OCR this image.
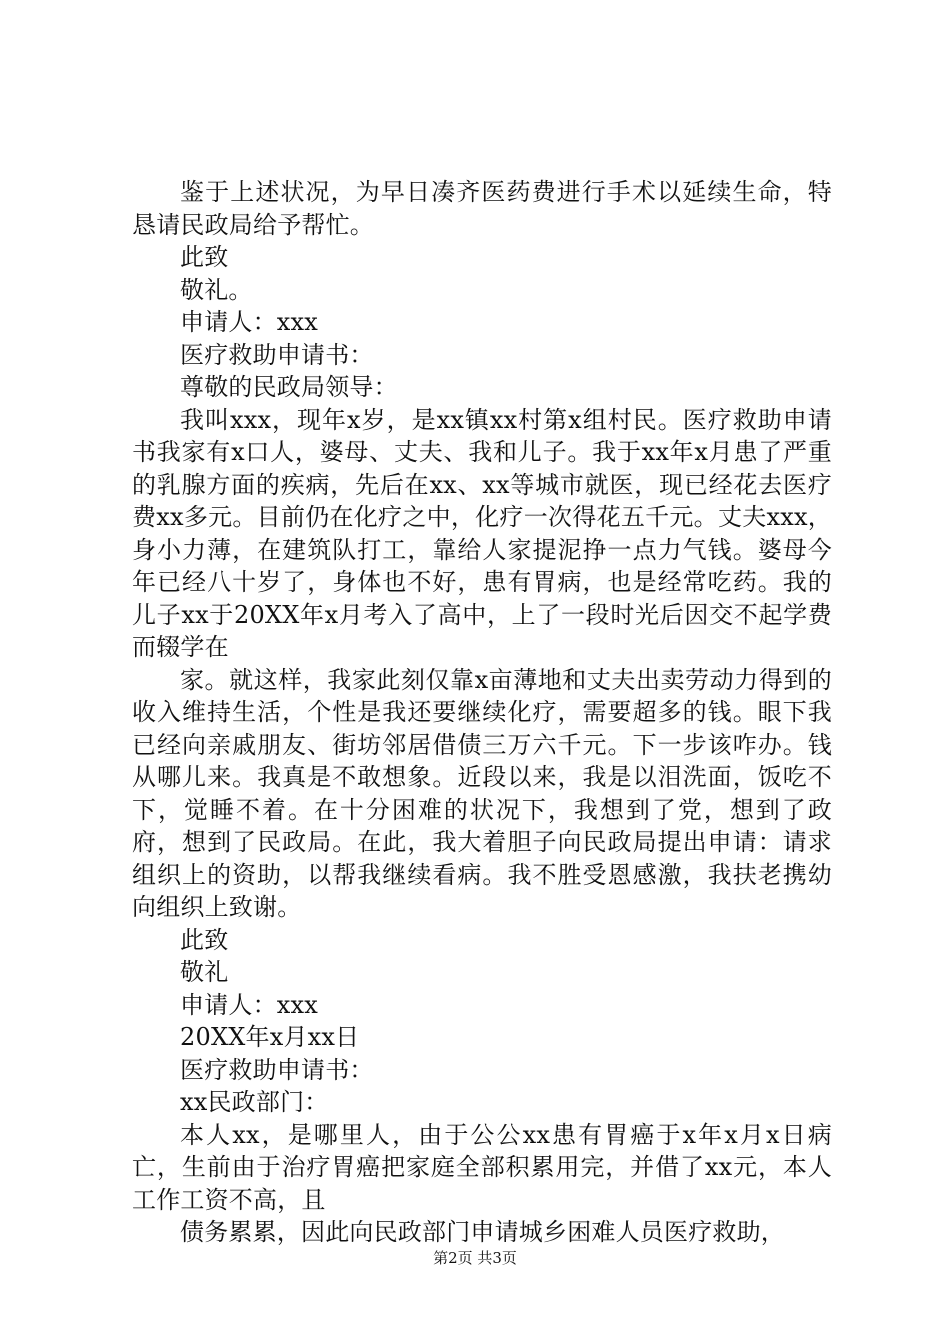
鉴于上述状况，为早日凑齐医药费进行手术以延续生命，特恳请民政局给予帮忙。

此致

敬礼。

申请人：xxx

医疗救助申请书：

尊敬的民政局领导：

我叫xxx，现年x岁，是xx镇xx村第x组村民。医疗救助申请书我家有x口人，婆母、丈夫、我和儿子。我于xx年x月患了严重的乳腺方面的疾病，先后在xx、xx等城市就医，现已经花去医疗费xx多元。目前仍在化疗之中，化疗一次得花五千元。丈夫xxx，身小力薄，在建筑队打工，靠给人家提泥挣一点力气钱。婆母今年已经八十岁了，身体也不好，患有胃病，也是经常吃药。我的儿子xx于20XX年x月考入了高中，上了一段时光后因交不起学费而辍学在

家。就这样，我家此刻仅靠x亩薄地和丈夫出卖劳动力得到的收入维持生活，个性是我还要继续化疗，需要超多的钱。眼下我已经向亲戚朋友、街坊邻居借债三万六千元。下一步该咋办。钱从哪儿来。我真是不敢想象。近段以来，我是以泪洗面，饭吃不下，觉睡不着。在十分困难的状况下，我想到了党，想到了政府，想到了民政局。在此，我大着胆子向民政局提出申请：请求组织上的资助，以帮我继续看病。我不胜受恩感激，我扶老携幼向组织上致谢。

此致

敬礼

申请人：xxx

20XX年x月xx日

医疗救助申请书：

xx民政部门：

本人xx，是哪里人，由于公公xx患有胃癌于x年x月x日病亡，生前由于治疗胃癌把家庭全部积累用完，并借了xx元，本人工作工资不高，且

债务累累，因此向民政部门申请城乡困难人员医疗救助，

第2页 共3页
